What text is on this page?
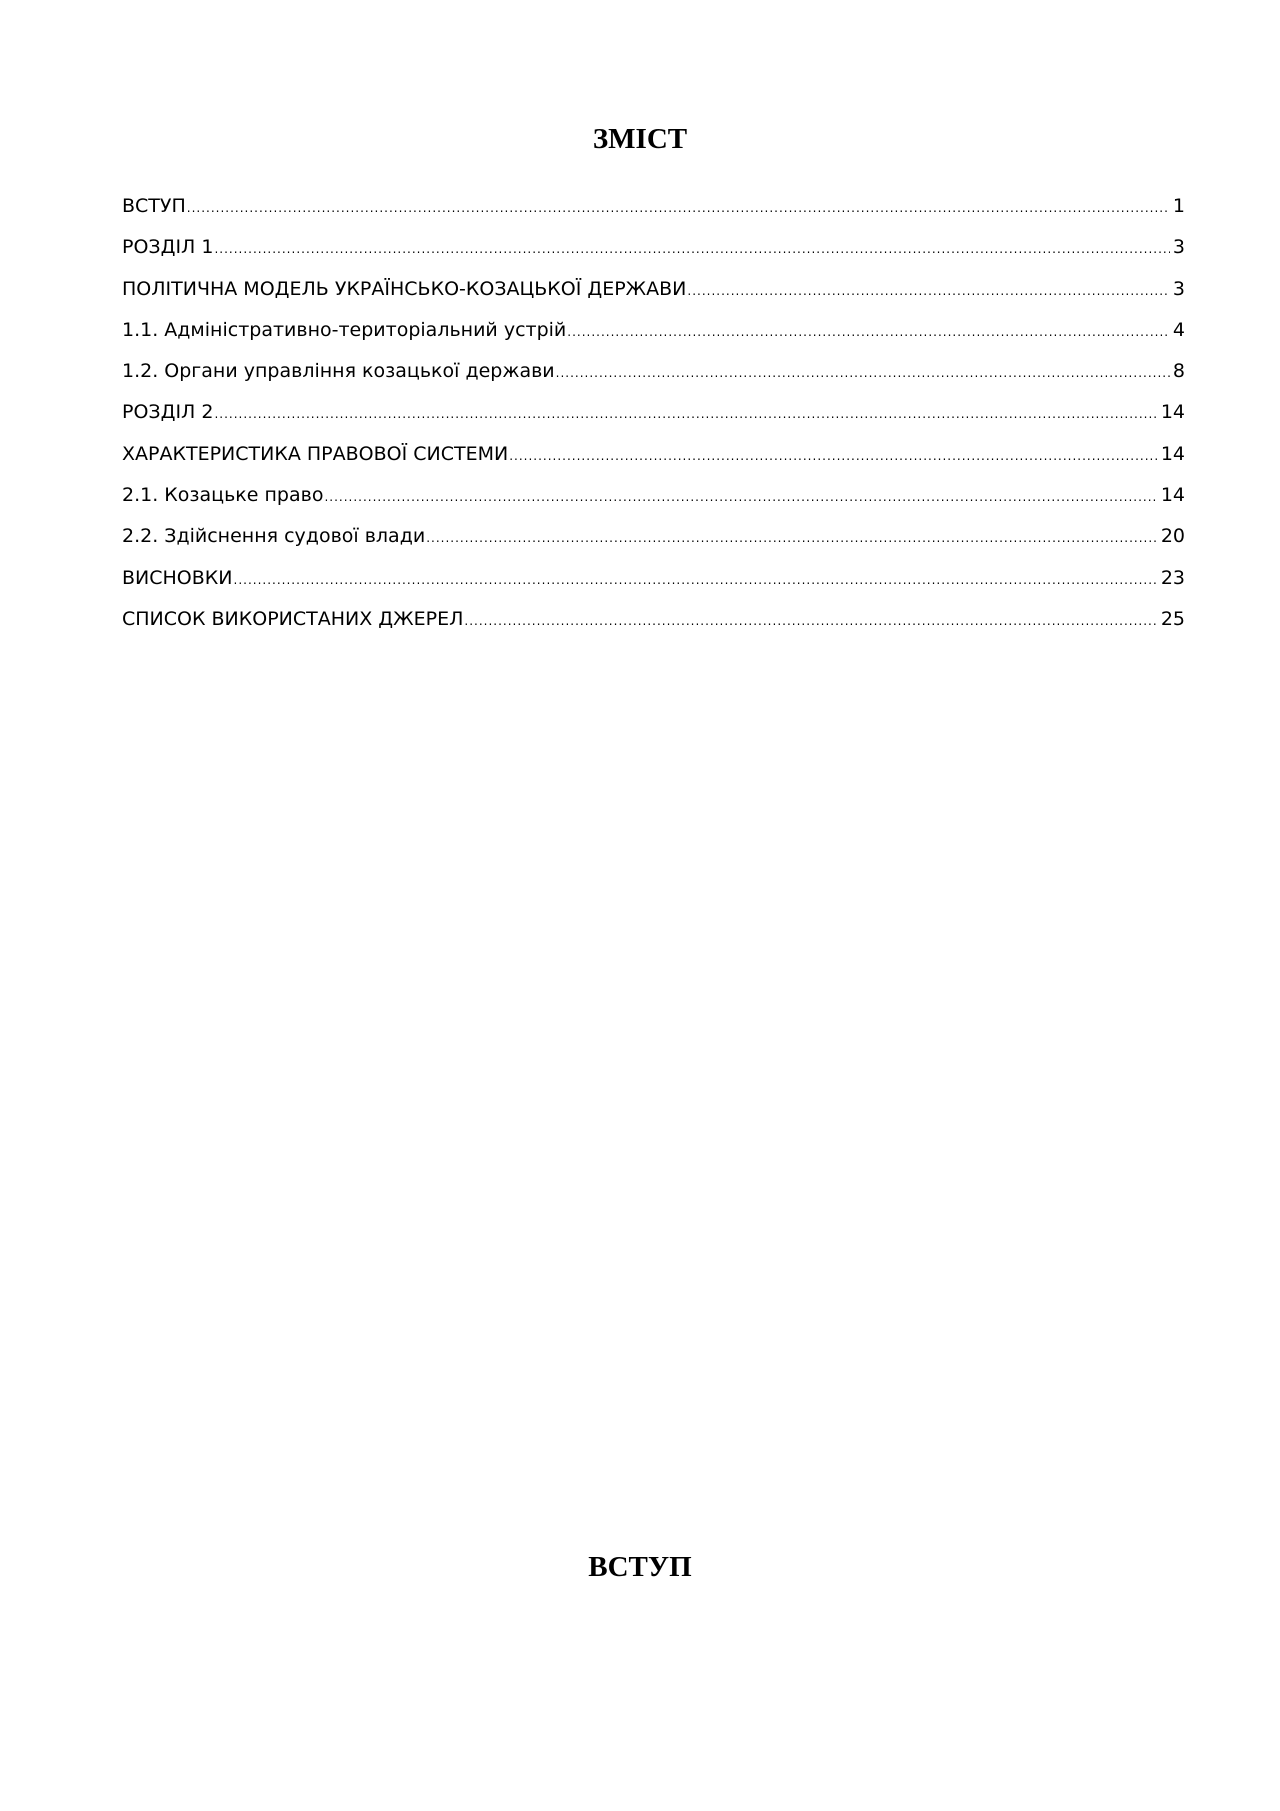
ЗМІСТ
ВСТУП .....	1
РОЗДІЛ 1 .....	3
ПОЛІТИЧНА МОДЕЛЬ УКРАЇНСЬКО-КОЗАЦЬКОЇ ДЕРЖАВИ .....	3
1.1. Адміністративно-територіальний устрій .....	4
1.2. Органи управління козацької держави .....	8
РОЗДІЛ 2 .....	14
ХАРАКТЕРИСТИКА ПРАВОВОЇ СИСТЕМИ .....	14
2.1. Козацьке право .....	14
2.2. Здійснення судової влади .....	20
ВИСНОВКИ .....	23
СПИСОК ВИКОРИСТАНИХ ДЖЕРЕЛ .....	25
ВСТУП
